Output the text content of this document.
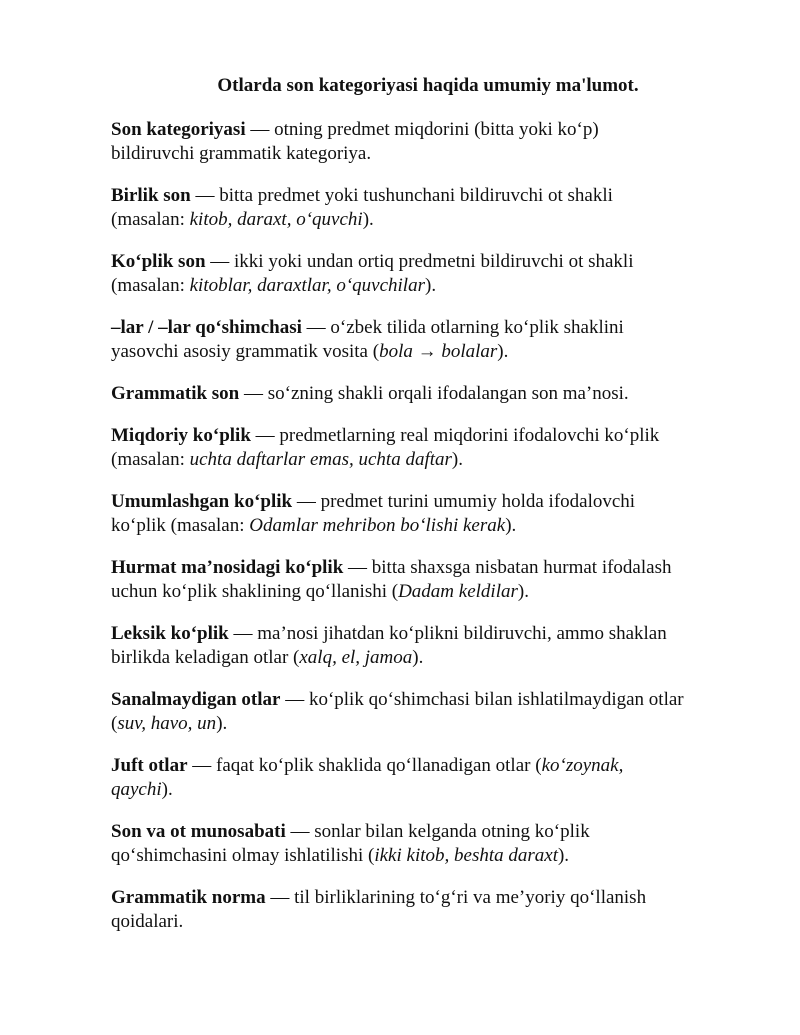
Otlarda son kategoriyasi haqida umumiy ma'lumot.

Son kategoriyasi — otning predmet miqdorini (bitta yoki koʻp)
bildiruvchi grammatik kategoriya.

Birlik son — bitta predmet yoki tushunchani bildiruvchi ot shakli
(masalan: kitob, daraxt, oʻquvchi).

Koʻplik son — ikki yoki undan ortiq predmetni bildiruvchi ot shakli
(masalan: kitoblar, daraxtlar, oʻquvchilar).

–lar / –lar qoʻshimchasi — oʻzbek tilida otlarning koʻplik shaklini
yasovchi asosiy grammatik vosita (bola → bolalar).

Grammatik son — soʻzning shakli orqali ifodalangan son ma’nosi.

Miqdoriy koʻplik — predmetlarning real miqdorini ifodalovchi koʻplik
(masalan: uchta daftarlar emas, uchta daftar).

Umumlashgan koʻplik — predmet turini umumiy holda ifodalovchi
koʻplik (masalan: Odamlar mehribon boʻlishi kerak).

Hurmat ma’nosidagi koʻplik — bitta shaxsga nisbatan hurmat ifodalash
uchun koʻplik shaklining qoʻllanishi (Dadam keldilar).

Leksik koʻplik — ma’nosi jihatdan koʻplikni bildiruvchi, ammo shaklan
birlikda keladigan otlar (xalq, el, jamoa).

Sanalmaydigan otlar — koʻplik qoʻshimchasi bilan ishlatilmaydigan otlar
(suv, havo, un).

Juft otlar — faqat koʻplik shaklida qoʻllanadigan otlar (koʻzoynak,
qaychi).

Son va ot munosabati — sonlar bilan kelganda otning koʻplik
qoʻshimchasini olmay ishlatilishi (ikki kitob, beshta daraxt).

Grammatik norma — til birliklarining toʻgʻri va me’yoriy qoʻllanish
qoidalari.
